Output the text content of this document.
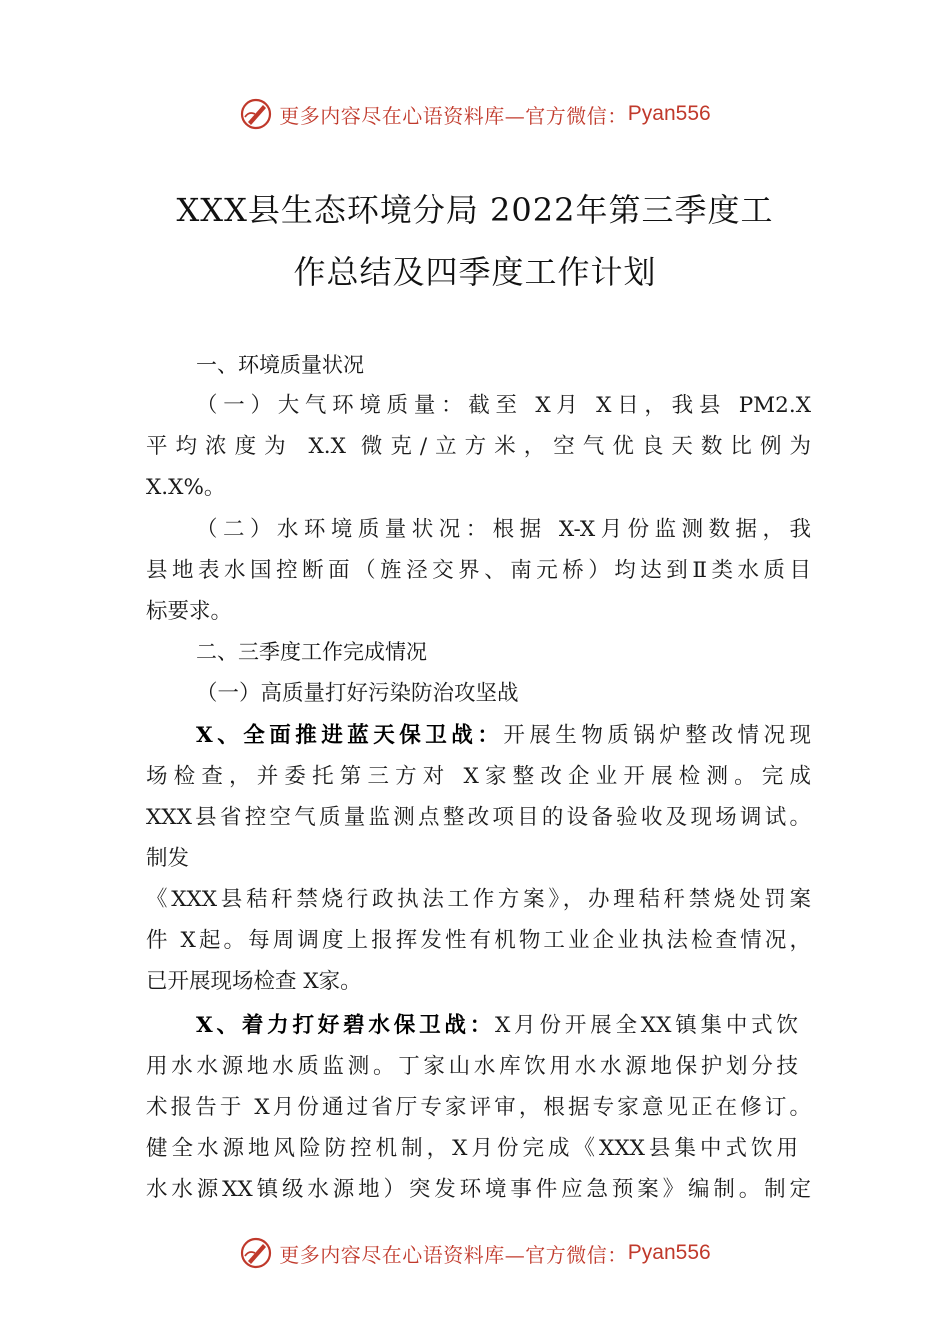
更多内容尽在心语资料库—官方微信： Pyan556
XXX县生态环境分局 2022年第三季度工
作总结及四季度工作计划
一、环境质量状况
（一）大气环境质量：截至 X月 X日，我县 PM2.X
平均浓度为 X.X 微克/立方米，空气优良天数比例为
X.X%。
（二）水环境质量状况：根据 X-X月份监测数据，我
县地表水国控断面（旌泾交界、南元桥）均达到Ⅱ类水质目
标要求。
二、三季度工作完成情况
（一）高质量打好污染防治攻坚战
X、全面推进蓝天保卫战：开展生物质锅炉整改情况现
场检查，并委托第三方对 X家整改企业开展检测。完成
XXX县省控空气质量监测点整改项目的设备验收及现场调试。
制发
《XXX县秸秆禁烧行政执法工作方案》，办理秸秆禁烧处罚案
件 X起。每周调度上报挥发性有机物工业企业执法检查情况，
已开展现场检查 X家。
X、着力打好碧水保卫战：X月份开展全XX镇集中式饮
用水水源地水质监测。丁家山水库饮用水水源地保护划分技
术报告于 X月份通过省厅专家评审，根据专家意见正在修订。
健全水源地风险防控机制，X月份完成《XXX县集中式饮用
水水源XX镇级水源地）突发环境事件应急预案》编制。制定
更多内容尽在心语资料库—官方微信： Pyan556
